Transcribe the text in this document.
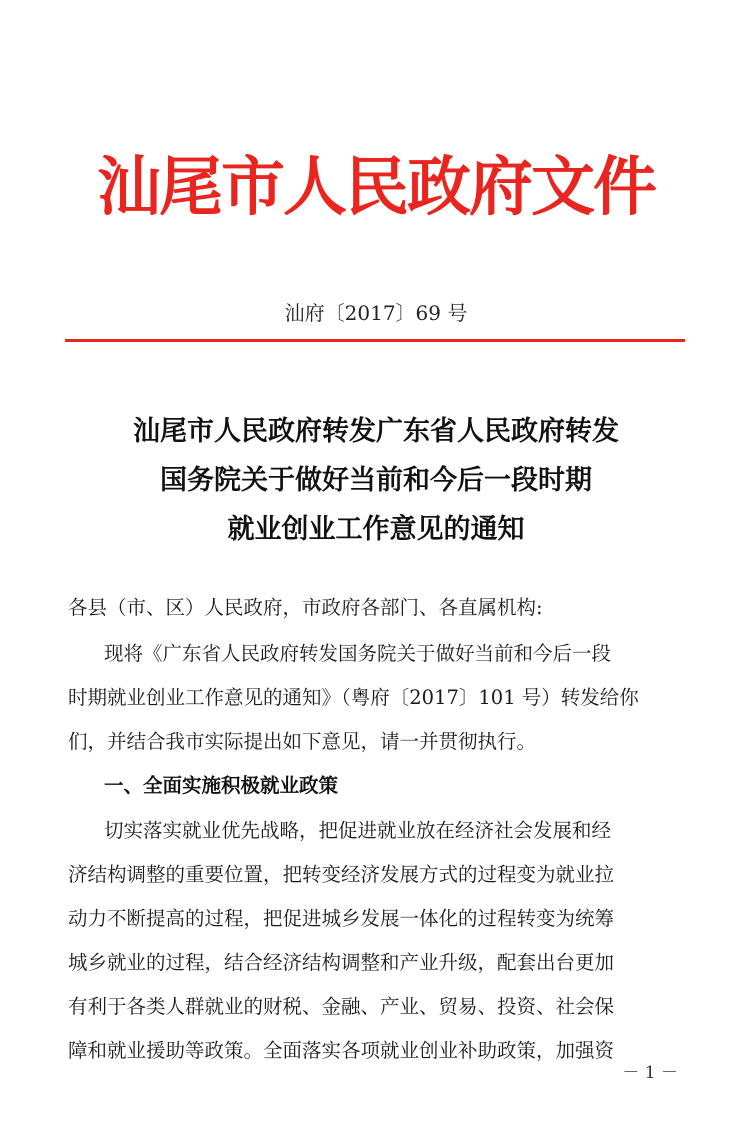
汕尾市人民政府文件
汕府〔2017〕69 号
汕尾市人民政府转发广东省人民政府转发
国务院关于做好当前和今后一段时期
就业创业工作意见的通知
各县（市、区）人民政府，市政府各部门、各直属机构:
现将《广东省人民政府转发国务院关于做好当前和今后一段
时期就业创业工作意见的通知》（粤府〔2017〕101 号）转发给你
们，并结合我市实际提出如下意见，请一并贯彻执行。
一、全面实施积极就业政策
切实落实就业优先战略，把促进就业放在经济社会发展和经
济结构调整的重要位置，把转变经济发展方式的过程变为就业拉
动力不断提高的过程，把促进城乡发展一体化的过程转变为统筹
城乡就业的过程，结合经济结构调整和产业升级，配套出台更加
有利于各类人群就业的财税、金融、产业、贸易、投资、社会保
障和就业援助等政策。全面落实各项就业创业补助政策，加强资
－ 1 －
